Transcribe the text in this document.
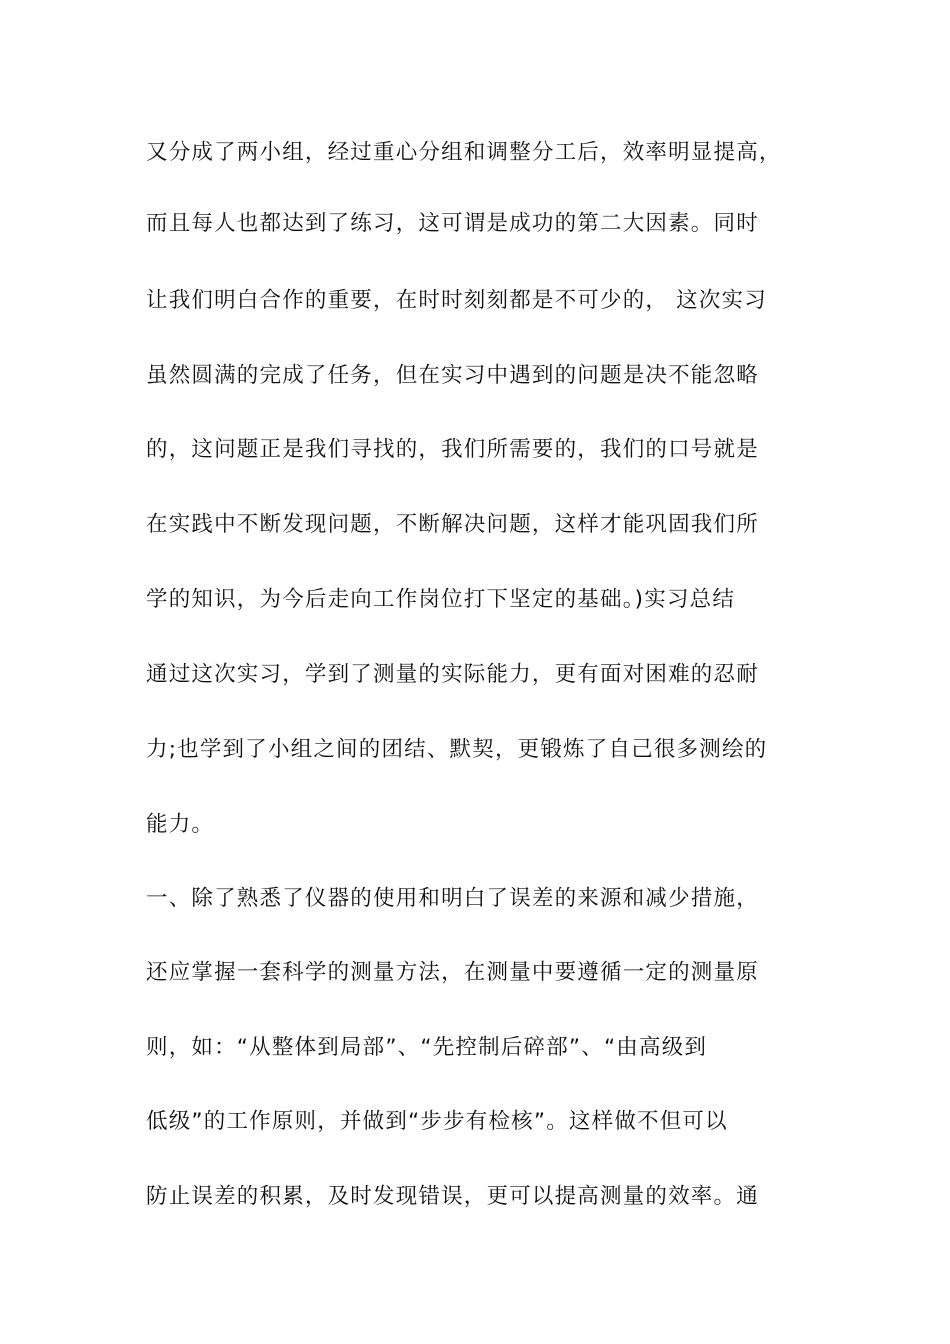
又分成了两小组，经过重心分组和调整分工后，效率明显提高，
而且每人也都达到了练习，这可谓是成功的第二大因素。同时
让我们明白合作的重要，在时时刻刻都是不可少的， 这次实习
虽然圆满的完成了任务，但在实习中遇到的问题是决不能忽略
的，这问题正是我们寻找的，我们所需要的，我们的口号就是
在实践中不断发现问题，不断解决问题，这样才能巩固我们所
学的知识，为今后走向工作岗位打下坚定的基础。)实习总结
通过这次实习，学到了测量的实际能力，更有面对困难的忍耐
力;也学到了小组之间的团结、默契，更锻炼了自己很多测绘的
能力。
一、除了熟悉了仪器的使用和明白了误差的来源和减少措施，
还应掌握一套科学的测量方法，在测量中要遵循一定的测量原
则，如：“从整体到局部”、“先控制后碎部”、“由高级到
低级”的工作原则，并做到“步步有检核”。这样做不但可以
防止误差的积累，及时发现错误，更可以提高测量的效率。通
